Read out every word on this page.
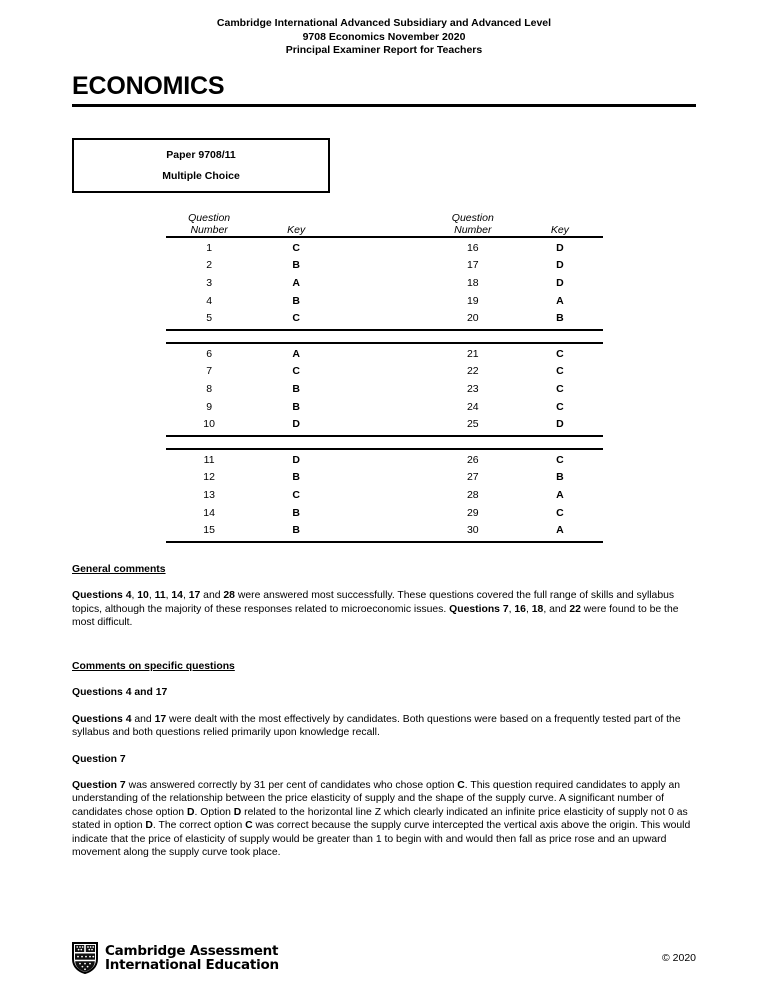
Cambridge International Advanced Subsidiary and Advanced Level
9708 Economics November 2020
Principal Examiner Report for Teachers
ECONOMICS
Paper 9708/11
Multiple Choice
Question
Number	Key
Question
Number	Key
1	C	16	D
2	B	17	D
3	A	18	D
4	B	19	A
5	C	20	B
6	A	21	C
7	C	22	C
8	B	23	C
9	B	24	C
10	D	25	D
11	D	26	C
12	B	27	B
13	C	28	A
14	B	29	C
15	B	30	A
General comments

Questions 4, 10, 11, 14, 17 and 28 were answered most successfully. These questions covered the full range of skills and syllabus topics, although the majority of these responses related to microeconomic issues. Questions 7, 16, 18, and 22 were found to be the most difficult.

Comments on specific questions
Questions 4 and 17

Questions 4 and 17 were dealt with the most effectively by candidates. Both questions were based on a frequently tested part of the syllabus and both questions relied primarily upon knowledge recall.

Question 7

Question 7 was answered correctly by 31 per cent of candidates who chose option C. This question required candidates to apply an understanding of the relationship between the price elasticity of supply and the shape of the supply curve. A significant number of candidates chose option D. Option D related to the horizontal line Z which clearly indicated an infinite price elasticity of supply not 0 as stated in option D. The correct option C was correct because the supply curve intercepted the vertical axis above the origin. This would indicate that the price of elasticity of supply would be greater than 1 to begin with and would then fall as price rose and an upward movement along the supply curve took place.

Cambridge Assessment
International Education	© 2020
